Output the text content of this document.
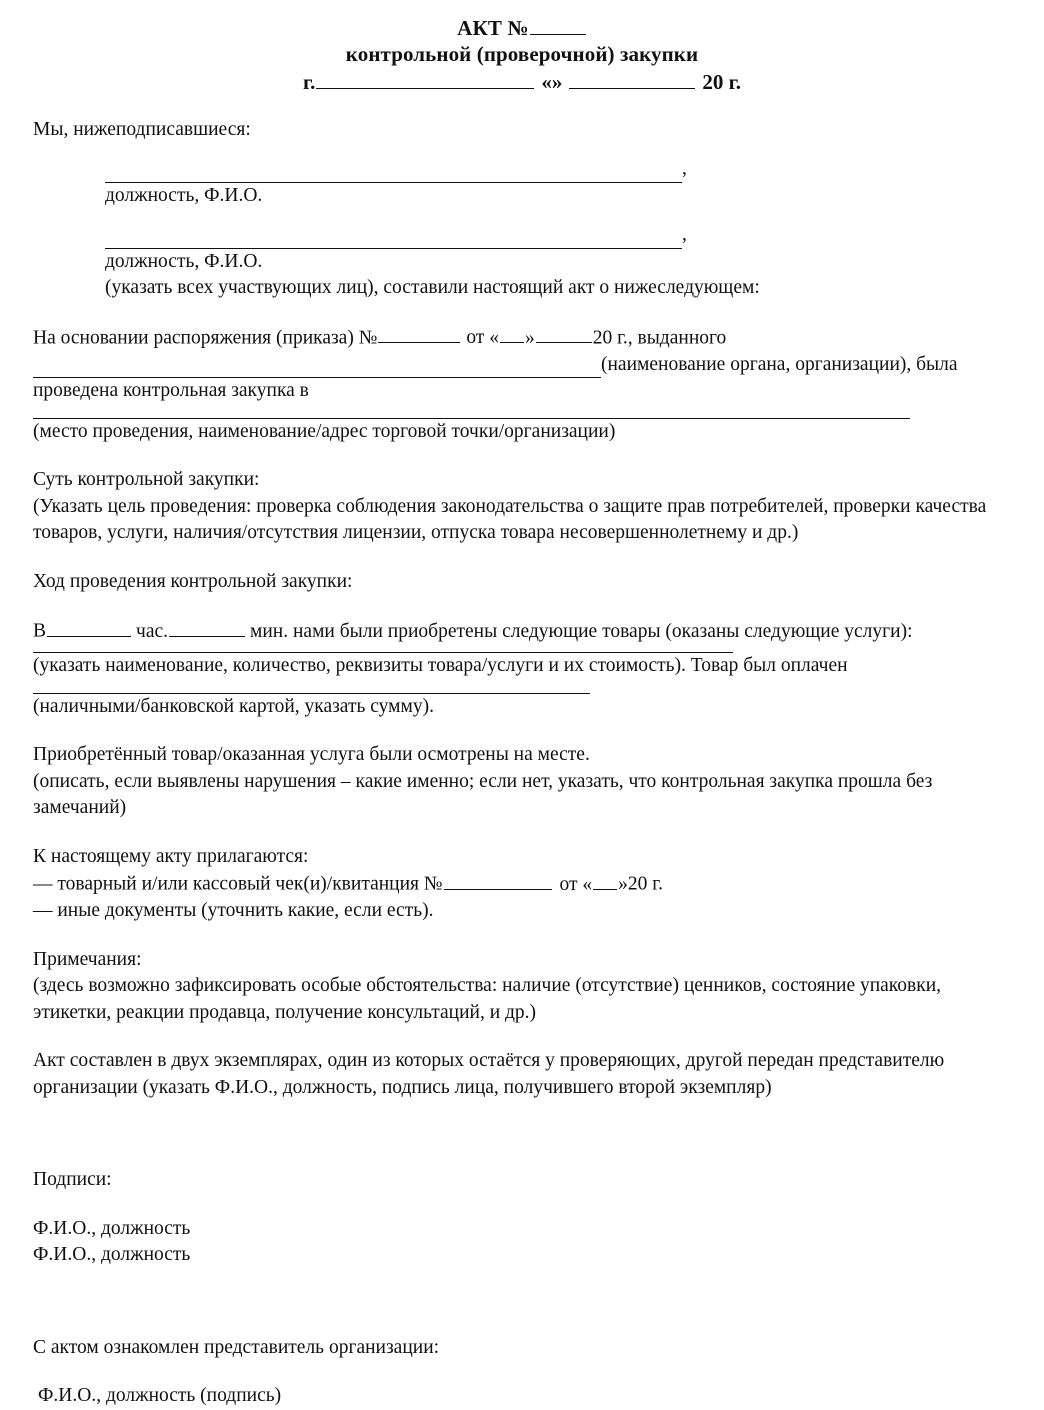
АКТ №
контрольной (проверочной) закупки
г.	«»	20 г.

Мы, нижеподписавшиеся:

,

должность, Ф.И.О.

,

должность, Ф.И.О.

(указать всех участвующих лиц), составили настоящий акт о нижеследующем:

На основании распоряжения (приказа) №	от « »	20 г., выданного

(наименование органа, организации), была

проведена контрольная закупка в

(место проведения, наименование/адрес торговой точки/организации)

Суть контрольной закупки:

(Указать цель проведения: проверка соблюдения законодательства о защите прав потребителей, проверки качества товаров, услуги, наличия/отсутствия лицензии, отпуска товара несовершеннолетнему и др.)

Ход проведения контрольной закупки:

В	час.	мин. нами были приобретены следующие товары (оказаны следующие услуги):

(указать наименование, количество, реквизиты товара/услуги и их стоимость). Товар был оплачен

(наличными/банковской картой, указать сумму).

Приобретённый товар/оказанная услуга были осмотрены на месте.

(описать, если выявлены нарушения – какие именно; если нет, указать, что контрольная закупка прошла без замечаний)

К настоящему акту прилагаются:

— товарный и/или кассовый чек(и)/квитанция №	от « »20 г.

— иные документы (уточнить какие, если есть).

Примечания:

(здесь возможно зафиксировать особые обстоятельства: наличие (отсутствие) ценников, состояние упаковки, этикетки, реакции продавца, получение консультаций, и др.)

Акт составлен в двух экземплярах, один из которых остаётся у проверяющих, другой передан представителю организации (указать Ф.И.О., должность, подпись лица, получившего второй экземпляр)

Подписи:

Ф.И.О., должность

Ф.И.О., должность

С актом ознакомлен представитель организации:

Ф.И.О., должность (подпись)
